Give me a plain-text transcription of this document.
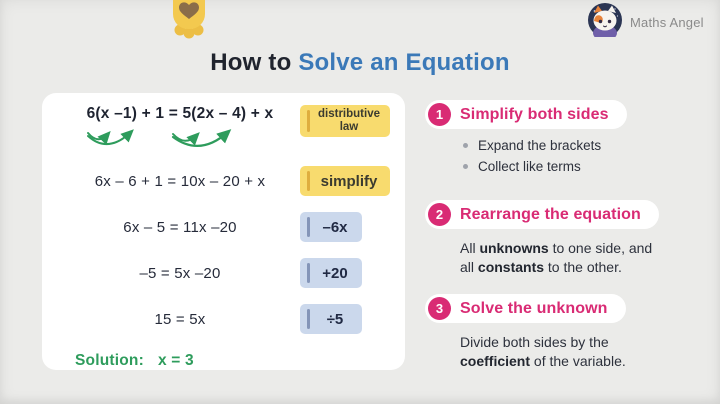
How to Solve an Equation
Maths Angel
6(x –1) + 1 = 5(2x – 4) + x	distributive law
6x – 6 + 1 = 10x – 20 + x	simplify
6x – 5 = 11x –20	–6x
–5 = 5x –20	+20
15 = 5x	÷5
Solution: x = 3
1	Simplify both sides
Expand the brackets
Collect like terms
2	Rearrange the equation
All unknowns to one side, and
all constants to the other.
3	Solve the unknown
Divide both sides by the
coefficient of the variable.
